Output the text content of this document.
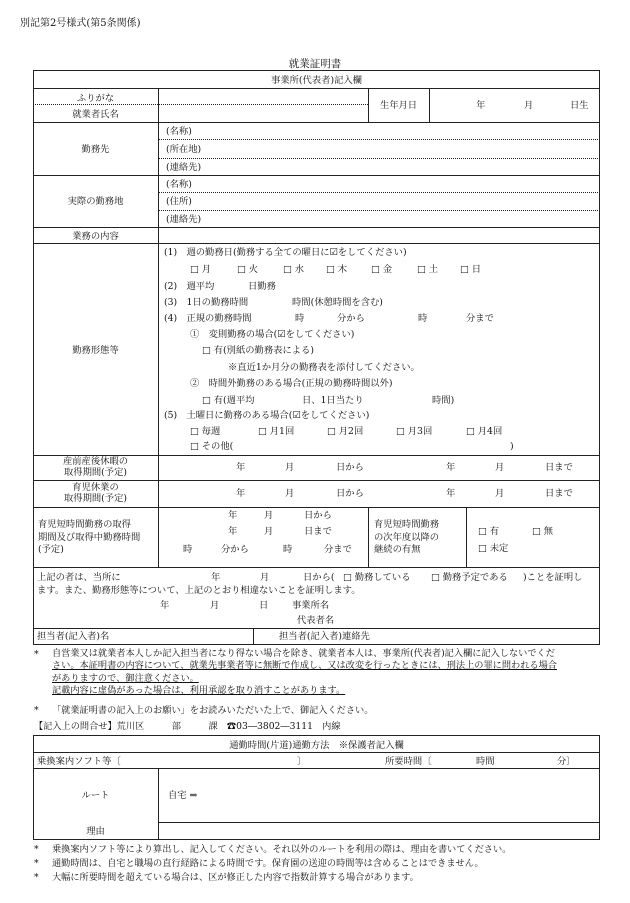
別記第2号様式(第5条関係)
就業証明書
事業所(代表者)記入欄
ふりがな
就業者氏名
生年月日	年	月	日生
勤務先
(名称)
(所在地)
(連絡先)
実際の勤務地
(名称)
(住所)
(連絡先)
業務の内容
勤務形態等
(1)　週の勤務日(勤務する全ての曜日に☑をしてください)
□ 月	□ 火	□ 水 □ 木	□ 金	□ 土 □ 日
(2)　週平均	日勤務
(3)　1日の勤務時間	時間(休憩時間を含む)
(4)　正規の勤務時間	時	分から	時	分まで
①　変則勤務の場合(☑をしてください)
□ 有(別紙の勤務表による)
※直近1か月分の勤務表を添付してください。
②　時間外勤務のある場合(正規の勤務時間以外)
□ 有(週平均	日、1日当たり	時間)
(5)　土曜日に勤務のある場合(☑をしてください)
□ 毎週	□ 月1回	□ 月2回	□ 月3回	□ 月4回
□ その他(	)
産前産後休暇の
取得期間(予定)	年	月	日から	年	月	日まで
育児休業の
取得期間(予定)	年	月	日から	年	月	日まで
育児短時間勤務の取得
期間及び取得中勤務時間
(予定)
年	月	日から
年	月	日まで
時	分から	時	分まで
育児短時間勤務
の次年度以降の
継続の有無
□ 有	□ 無
□ 未定
上記の者は、当所に	年	月	日から( □ 勤務している □ 勤務予定である )ことを証明し
ます。また、勤務形態等について、上記のとおり相違ないことを証明します。
年	月	日	事業所名
代表者名
担当者(記入者)名	担当者(記入者)連絡先
* 自営業又は就業者本人しか記入担当者になり得ない場合を除き、就業者本人は、事業所(代表者)記入欄に記入しないでくだ
さい。本証明書の内容について、就業先事業者等に無断で作成し、又は改変を行ったときには、刑法上の罪に問われる場合
がありますので、御注意ください。
記載内容に虚偽があった場合は、利用承認を取り消すことがあります。
* 「就業証明書の記入上のお願い」をお読みいただいた上で、御記入ください。
【記入上の問合せ】荒川区　　　部　　　課　☎03―3802―3111　内線
通勤時間(片道)通勤方法　※保護者記入欄
乗換案内ソフト等〔	〕	所要時間〔	時間	分〕
ルート	自宅 ⇒
理由
* 乗換案内ソフト等により算出し、記入してください。それ以外のルートを利用の際は、理由を書いてください。
* 通勤時間は、自宅と職場の直行経路による時間です。保育園の送迎の時間等は含めることはできません。
* 大幅に所要時間を超えている場合は、区が修正した内容で指数計算する場合があります。
